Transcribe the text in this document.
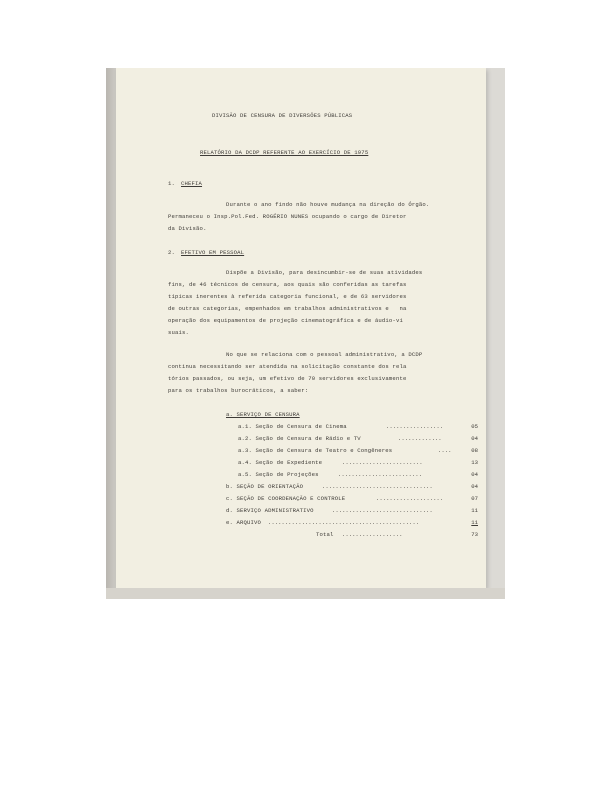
DIVISÃO DE CENSURA DE DIVERSÕES PÚBLICAS
RELATÓRIO DA DCDP REFERENTE AO EXERCÍCIO DE 1975
1. CHEFIA
Durante o ano findo não houve mudança na direção do Órgão.
Permaneceu o Insp.Pol.Fed. ROGÉRIO NUNES ocupando o cargo de Diretor
da Divisão.
2. EFETIVO EM PESSOAL
Dispõe a Divisão, para desincumbir-se de suas atividades
fins, de 46 técnicos de censura, aos quais são conferidas as tarefas
típicas inerentes à referida categoria funcional, e de 63 servidores
de outras categorias, empenhados em trabalhos administrativos e   na
operação dos equipamentos de projeção cinematográfica e de áudio-vi
suais.
No que se relaciona com o pessoal administrativo, a DCDP
continua necessitando ser atendida na solicitação constante dos rela
tórios passados, ou seja, um efetivo de 70 servidores exclusivamente
para os trabalhos burocráticos, a saber:
a. SERVIÇO DE CENSURA
a.1. Seção de Censura de Cinema	.................	05
a.2. Seção de Censura de Rádio e TV	.............	04
a.3. Seção de Censura de Teatro e Congêneres	....	08
a.4. Seção de Expediente	........................	13
a.5. Seção de Projeções	.........................	04
b. SEÇÃO DE ORIENTAÇÃO	.................................	04
c. SEÇÃO DE COORDENAÇÃO E CONTROLE	....................	07
d. SERVIÇO ADMINISTRATIVO	..............................	11
e. ARQUIVO .............................................	11
Total ..................	73
